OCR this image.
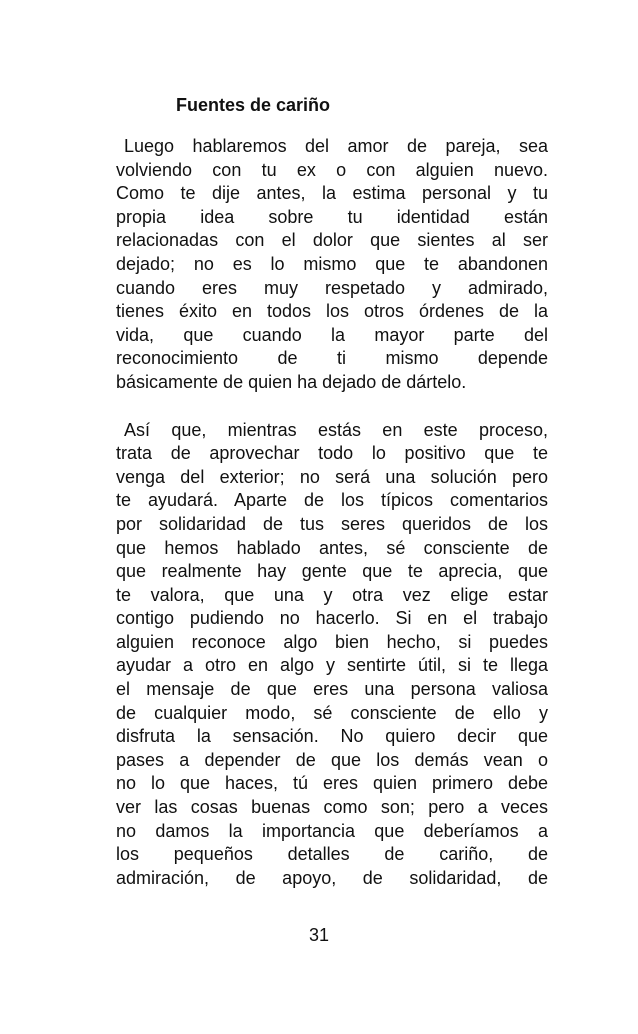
Fuentes de cariño
Luego hablaremos del amor de pareja, sea
volviendo con tu ex o con alguien nuevo.
Como te dije antes, la estima personal y tu
propia idea sobre tu identidad están
relacionadas con el dolor que sientes al ser
dejado; no es lo mismo que te abandonen
cuando eres muy respetado y admirado,
tienes éxito en todos los otros órdenes de la
vida, que cuando la mayor parte del
reconocimiento de ti mismo depende
básicamente de quien ha dejado de dártelo.
Así que, mientras estás en este proceso,
trata de aprovechar todo lo positivo que te
venga del exterior; no será una solución pero
te ayudará. Aparte de los típicos comentarios
por solidaridad de tus seres queridos de los
que hemos hablado antes, sé consciente de
que realmente hay gente que te aprecia, que
te valora, que una y otra vez elige estar
contigo pudiendo no hacerlo. Si en el trabajo
alguien reconoce algo bien hecho, si puedes
ayudar a otro en algo y sentirte útil, si te llega
el mensaje de que eres una persona valiosa
de cualquier modo, sé consciente de ello y
disfruta la sensación. No quiero decir que
pases a depender de que los demás vean o
no lo que haces, tú eres quien primero debe
ver las cosas buenas como son; pero a veces
no damos la importancia que deberíamos a
los pequeños detalles de cariño, de
admiración, de apoyo, de solidaridad, de
31
